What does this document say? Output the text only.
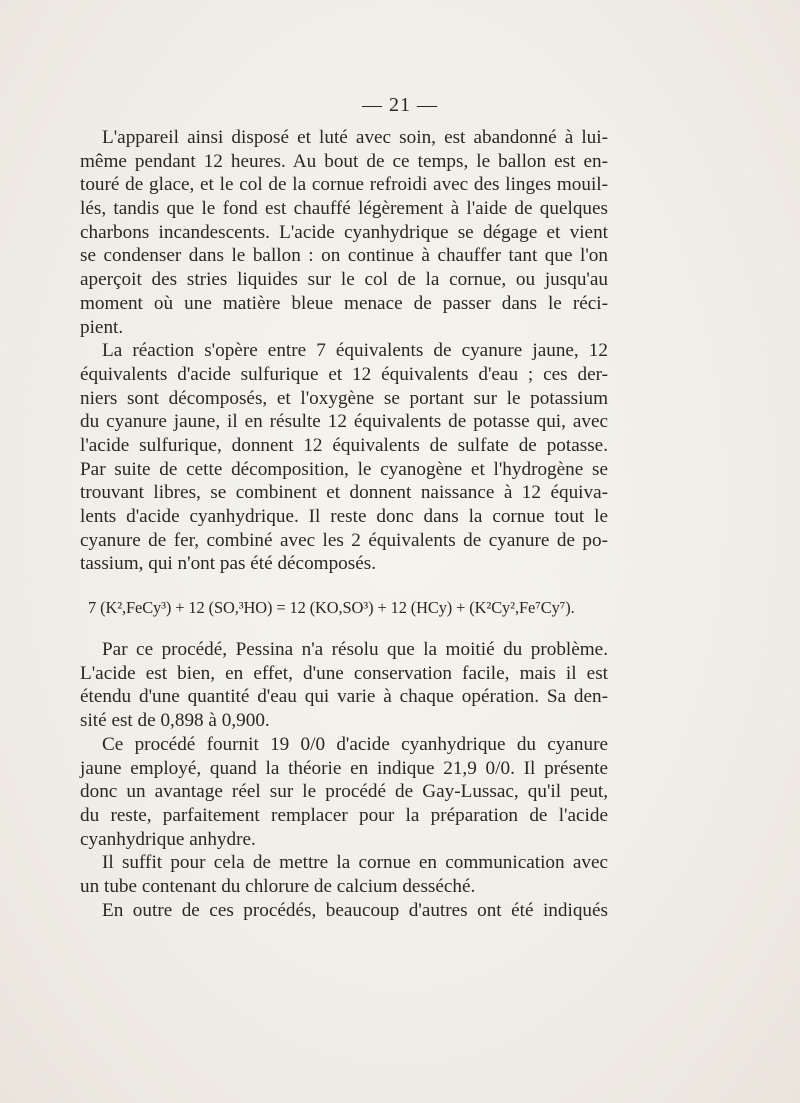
— 21 —
L'appareil ainsi disposé et luté avec soin, est abandonné à lui-
même pendant 12 heures. Au bout de ce temps, le ballon est en-
touré de glace, et le col de la cornue refroidi avec des linges mouil-
lés, tandis que le fond est chauffé légèrement à l'aide de quelques
charbons incandescents. L'acide cyanhydrique se dégage et vient
se condenser dans le ballon : on continue à chauffer tant que l'on
aperçoit des stries liquides sur le col de la cornue, ou jusqu'au
moment où une matière bleue menace de passer dans le réci-
pient.
La réaction s'opère entre 7 équivalents de cyanure jaune, 12
équivalents d'acide sulfurique et 12 équivalents d'eau ; ces der-
niers sont décomposés, et l'oxygène se portant sur le potassium
du cyanure jaune, il en résulte 12 équivalents de potasse qui, avec
l'acide sulfurique, donnent 12 équivalents de sulfate de potasse.
Par suite de cette décomposition, le cyanogène et l'hydrogène se
trouvant libres, se combinent et donnent naissance à 12 équiva-
lents d'acide cyanhydrique. Il reste donc dans la cornue tout le
cyanure de fer, combiné avec les 2 équivalents de cyanure de po-
tassium, qui n'ont pas été décomposés.
7 (K²,FeCy³) + 12 (SO,³HO) = 12 (KO,SO³) + 12 (HCy) + (K²Cy²,Fe⁷Cy⁷).
Par ce procédé, Pessina n'a résolu que la moitié du problème.
L'acide est bien, en effet, d'une conservation facile, mais il est
étendu d'une quantité d'eau qui varie à chaque opération. Sa den-
sité est de 0,898 à 0,900.
Ce procédé fournit 19 0/0 d'acide cyanhydrique du cyanure
jaune employé, quand la théorie en indique 21,9 0/0. Il présente
donc un avantage réel sur le procédé de Gay-Lussac, qu'il peut,
du reste, parfaitement remplacer pour la préparation de l'acide
cyanhydrique anhydre.
Il suffit pour cela de mettre la cornue en communication avec
un tube contenant du chlorure de calcium desséché.
En outre de ces procédés, beaucoup d'autres ont été indiqués
